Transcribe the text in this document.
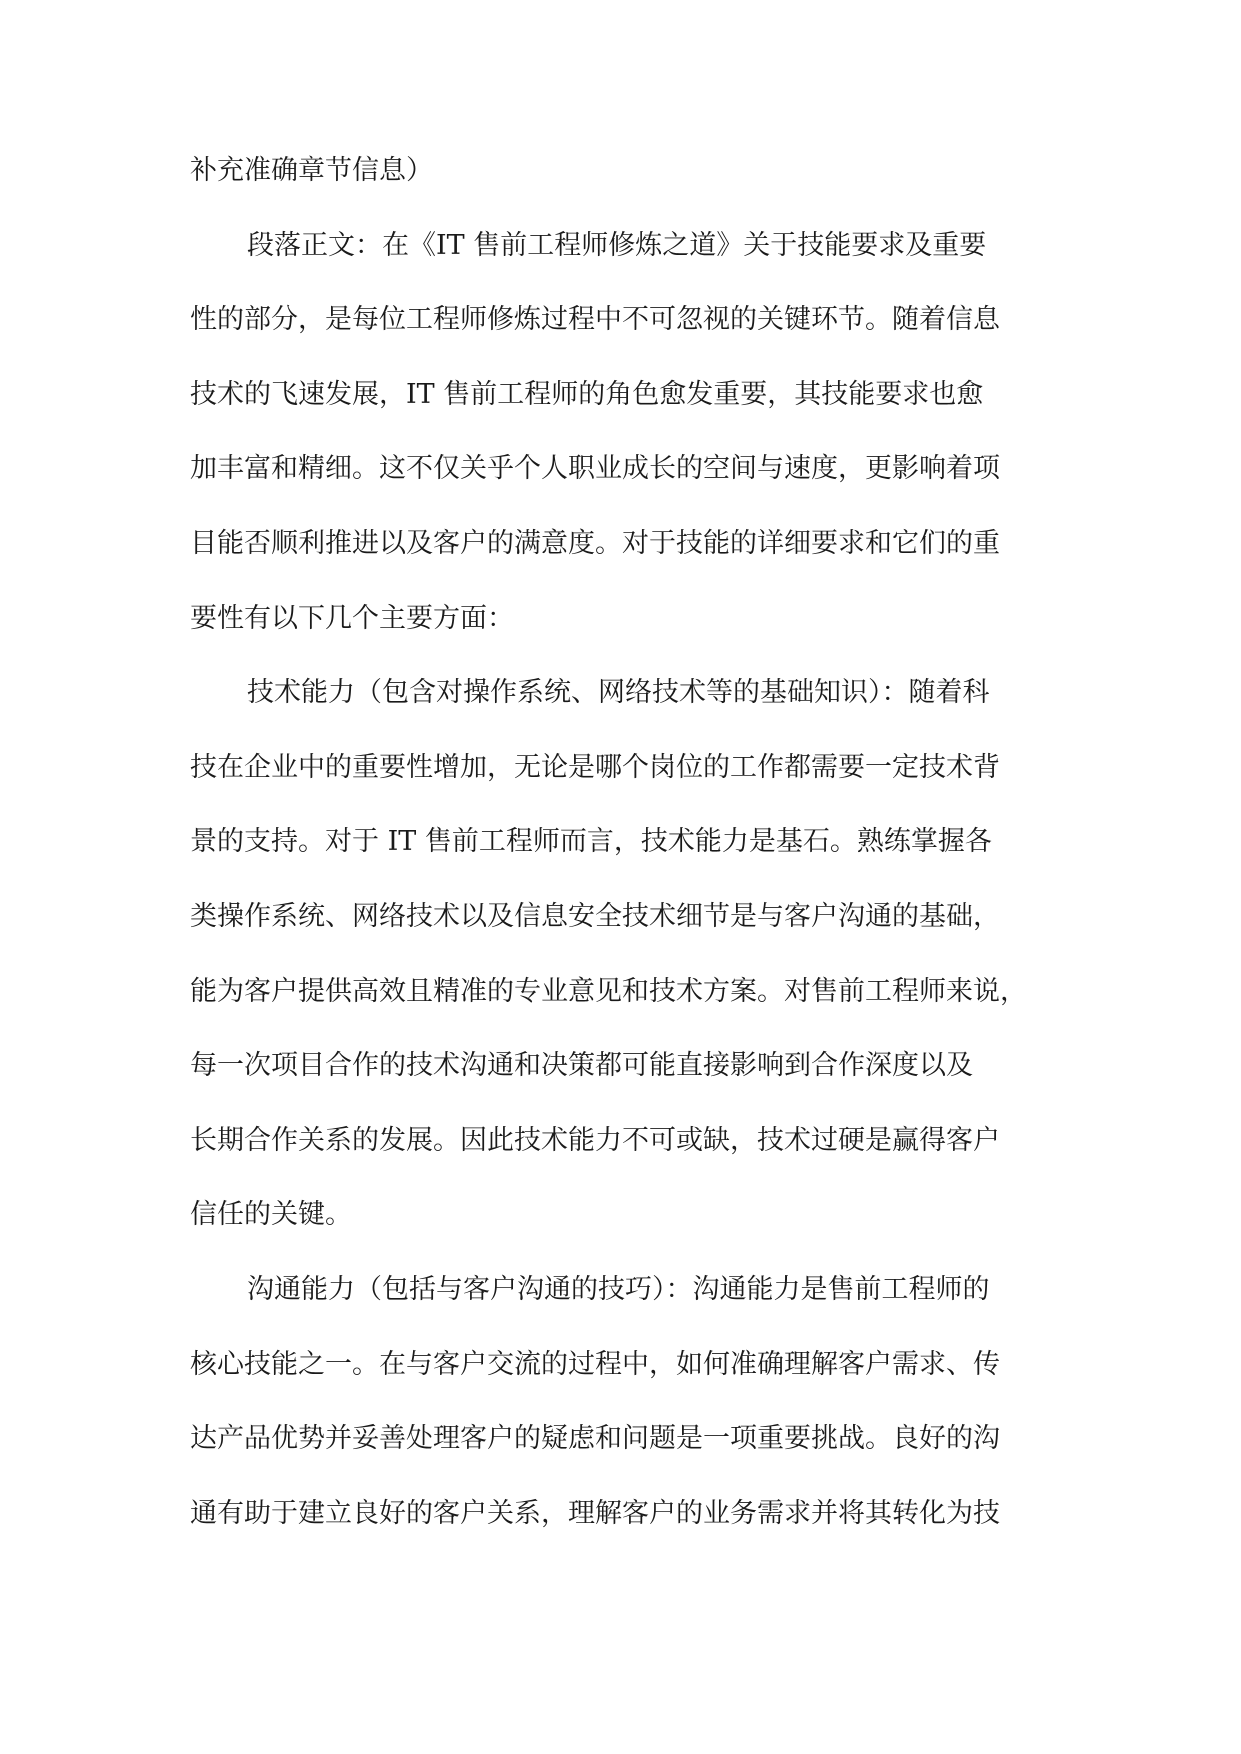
补充准确章节信息）
段落正文：在《IT 售前工程师修炼之道》关于技能要求及重要
性的部分，是每位工程师修炼过程中不可忽视的关键环节。随着信息
技术的飞速发展，IT 售前工程师的角色愈发重要，其技能要求也愈
加丰富和精细。这不仅关乎个人职业成长的空间与速度，更影响着项
目能否顺利推进以及客户的满意度。对于技能的详细要求和它们的重
要性有以下几个主要方面：
技术能力（包含对操作系统、网络技术等的基础知识）：随着科
技在企业中的重要性增加，无论是哪个岗位的工作都需要一定技术背
景的支持。对于 IT 售前工程师而言，技术能力是基石。熟练掌握各
类操作系统、网络技术以及信息安全技术细节是与客户沟通的基础，
能为客户提供高效且精准的专业意见和技术方案。对售前工程师来说，
每一次项目合作的技术沟通和决策都可能直接影响到合作深度以及
长期合作关系的发展。因此技术能力不可或缺，技术过硬是赢得客户
信任的关键。
沟通能力（包括与客户沟通的技巧）：沟通能力是售前工程师的
核心技能之一。在与客户交流的过程中，如何准确理解客户需求、传
达产品优势并妥善处理客户的疑虑和问题是一项重要挑战。良好的沟
通有助于建立良好的客户关系，理解客户的业务需求并将其转化为技
